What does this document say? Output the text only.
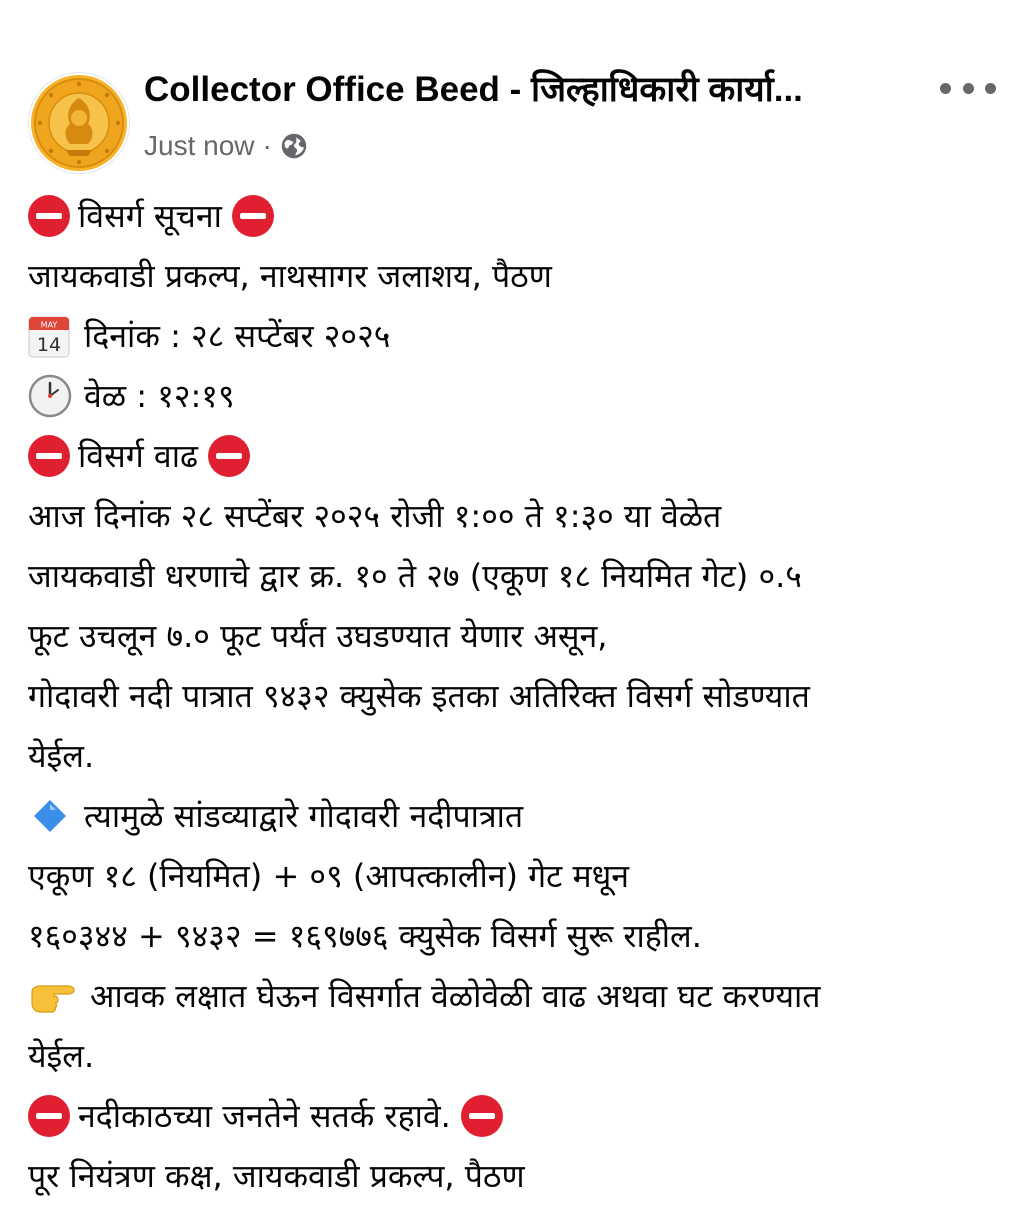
Collector Office Beed - जिल्हाधिकारी कार्या...
Just now ·
विसर्ग सूचना
जायकवाडी प्रकल्प, नाथसागर जलाशय, पैठण
MAY
14 दिनांक : २८ सप्टेंबर २०२५
वेळ : १२:१९
विसर्ग वाढ
आज दिनांक २८ सप्टेंबर २०२५ रोजी १:०० ते १:३० या वेळेत
जायकवाडी धरणाचे द्वार क्र. १० ते २७ (एकूण १८ नियमित गेट) ०.५
फूट उचलून ७.० फूट पर्यंत उघडण्यात येणार असून,
गोदावरी नदी पात्रात ९४३२ क्युसेक इतका अतिरिक्त विसर्ग सोडण्यात
येईल.
त्यामुळे सांडव्याद्वारे गोदावरी नदीपात्रात
एकूण १८ (नियमित) + ०९ (आपत्कालीन) गेट मधून
१६०३४४ + ९४३२ = १६९७७६ क्युसेक विसर्ग सुरू राहील.
आवक लक्षात घेऊन विसर्गात वेळोवेळी वाढ अथवा घट करण्यात
येईल.
नदीकाठच्या जनतेने सतर्क रहावे.
पूर नियंत्रण कक्ष, जायकवाडी प्रकल्प, पैठण
